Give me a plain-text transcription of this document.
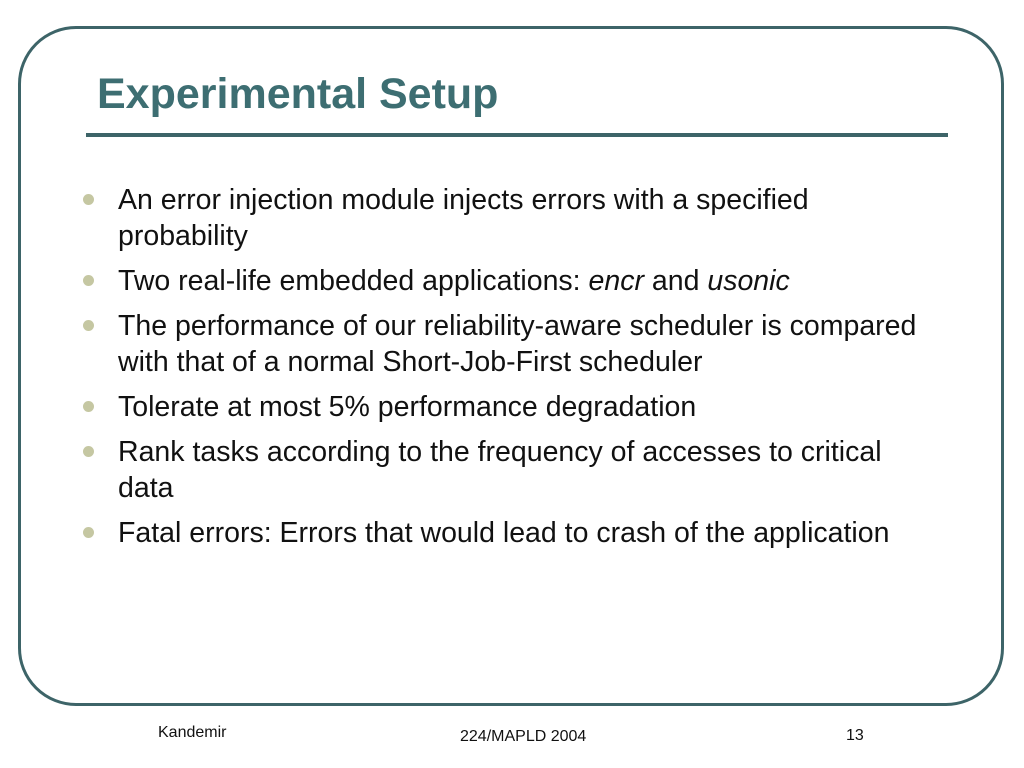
Experimental Setup
An error injection module injects errors with a specified probability
Two real-life embedded applications: encr and usonic
The performance of our reliability-aware scheduler is compared with that of a normal Short-Job-First scheduler
Tolerate at most 5% performance degradation
Rank tasks according to the frequency of accesses to critical data
Fatal errors: Errors that would lead to crash of the application
Kandemir	224/MAPLD 2004	13
